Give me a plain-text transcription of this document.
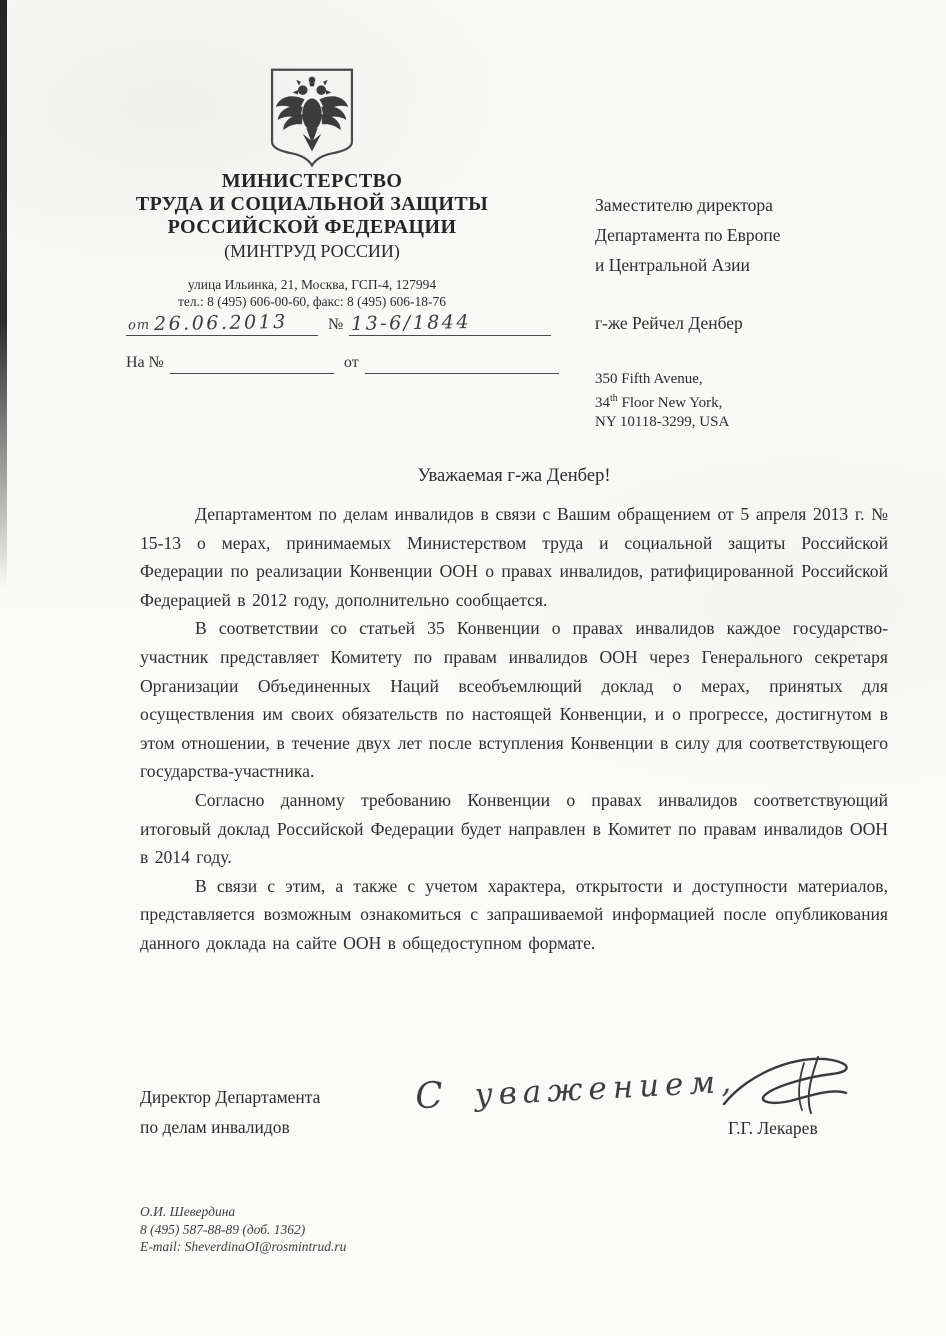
МИНИСТЕРСТВО
ТРУДА И СОЦИАЛЬНОЙ ЗАЩИТЫ
РОССИЙСКОЙ ФЕДЕРАЦИИ
(МИНТРУД РОССИИ)
улица Ильинка, 21, Москва, ГСП-4, 127994
тел.: 8 (495) 606-00-60, факс: 8 (495) 606-18-76
от 26.06.2013	№ 13-6/1844
На №	от
Заместителю директора
Департамента по Европе
и Центральной Азии
г-же Рейчел Денбер
350 Fifth Avenue,
34th Floor New York,
NY 10118-3299, USA
Уважаемая г-жа Денбер!

Департаментом по делам инвалидов в связи с Вашим обращением от 5 апреля 2013 г. № 15-13 о мерах, принимаемых Министерством труда и социальной защиты Российской Федерации по реализации Конвенции ООН о правах инвалидов, ратифицированной Российской Федерацией в 2012 году, дополнительно сообщается.

В соответствии со статьей 35 Конвенции о правах инвалидов каждое государство-участник представляет Комитету по правам инвалидов ООН через Генерального секретаря Организации Объединенных Наций всеобъемлющий доклад о мерах, принятых для осуществления им своих обязательств по настоящей Конвенции, и о прогрессе, достигнутом в этом отношении, в течение двух лет после вступления Конвенции в силу для соответствующего государства-участника.

Согласно данному требованию Конвенции о правах инвалидов соответствующий итоговый доклад Российской Федерации будет направлен в Комитет по правам инвалидов ООН в 2014 году.

В связи с этим, а также с учетом характера, открытости и доступности материалов, представляется возможным ознакомиться с запрашиваемой информацией после опубликования данного доклада на сайте ООН в общедоступном формате.

Директор Департамента
по делам инвалидов
С уважением,
Г.Г. Лекарев
О.И. Шевердина
8 (495) 587-88-89 (доб. 1362)
E-mail: SheverdinaOI@rosmintrud.ru
